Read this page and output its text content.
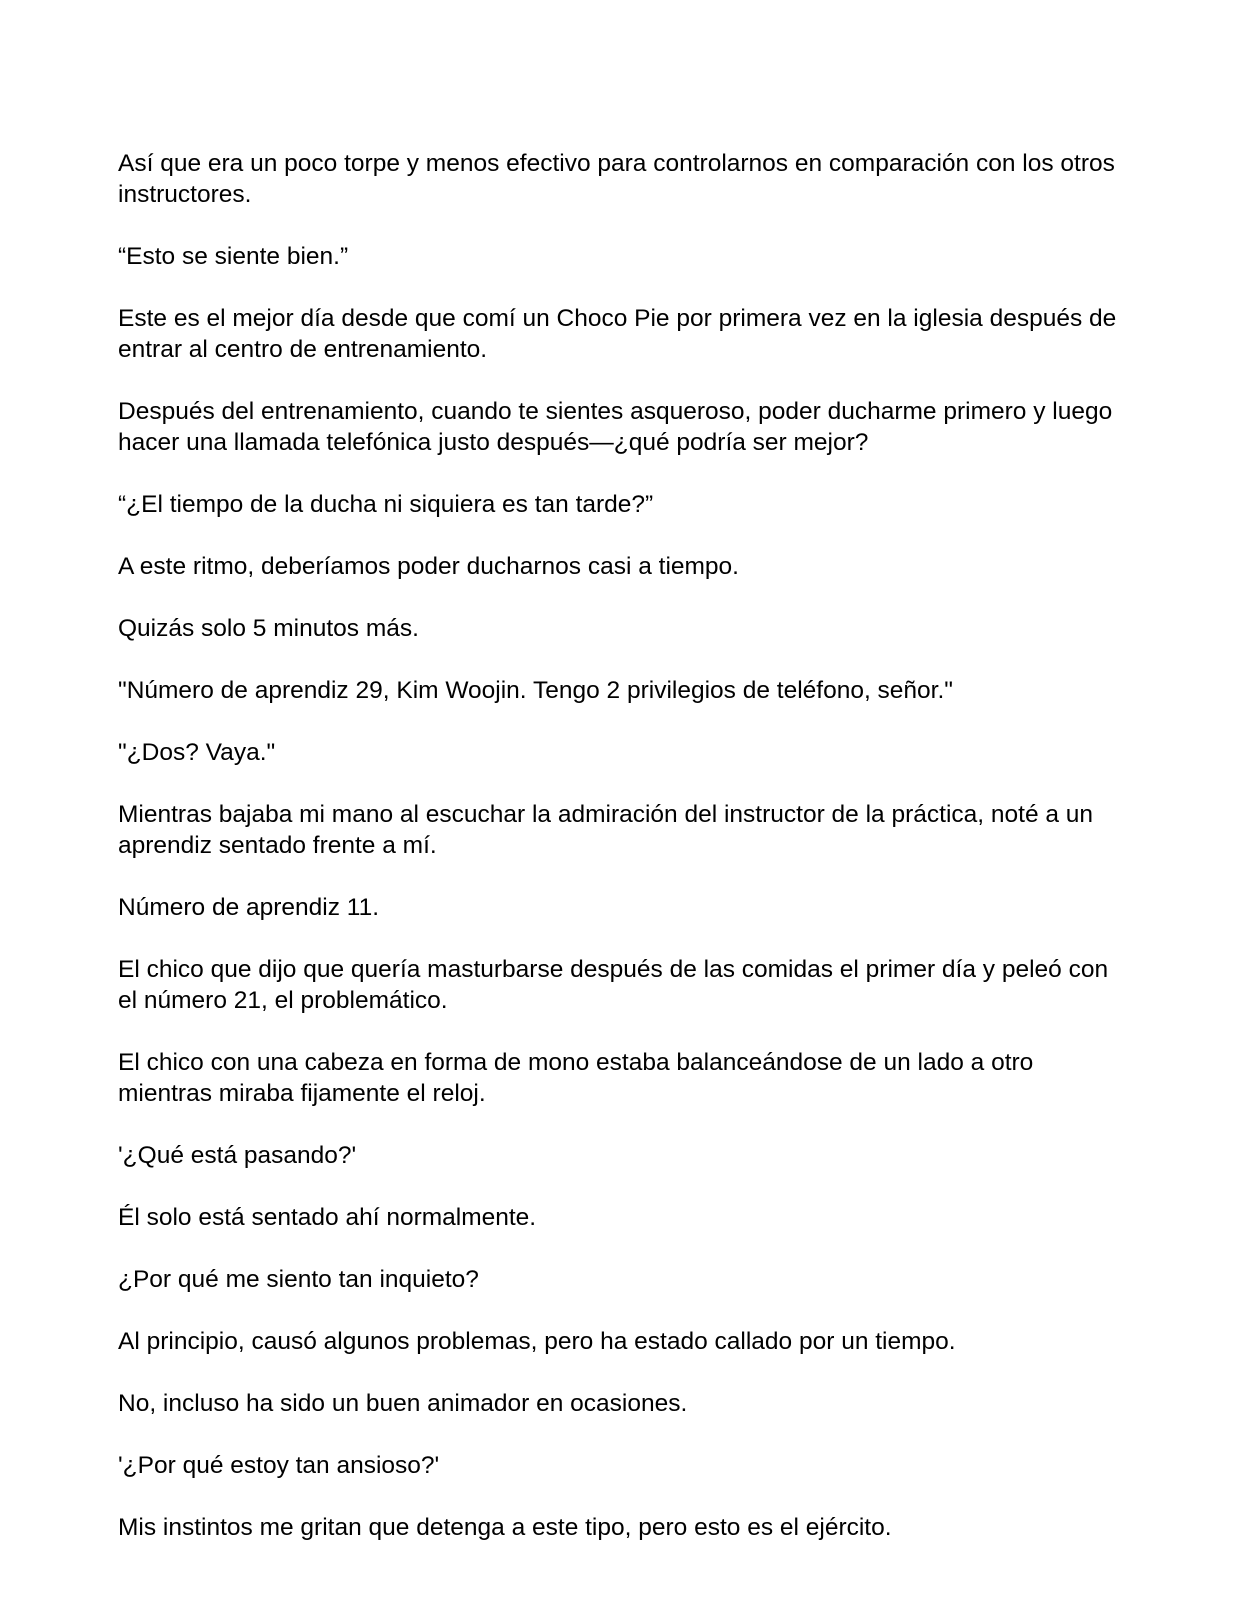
Así que era un poco torpe y menos efectivo para controlarnos en comparación con los otros instructores.

“Esto se siente bien.”

Este es el mejor día desde que comí un Choco Pie por primera vez en la iglesia después de entrar al centro de entrenamiento.

Después del entrenamiento, cuando te sientes asqueroso, poder ducharme primero y luego hacer una llamada telefónica justo después—¿qué podría ser mejor?

“¿El tiempo de la ducha ni siquiera es tan tarde?”

A este ritmo, deberíamos poder ducharnos casi a tiempo.

Quizás solo 5 minutos más.

"Número de aprendiz 29, Kim Woojin. Tengo 2 privilegios de teléfono, señor."

"¿Dos? Vaya."

Mientras bajaba mi mano al escuchar la admiración del instructor de la práctica, noté a un aprendiz sentado frente a mí.

Número de aprendiz 11.

El chico que dijo que quería masturbarse después de las comidas el primer día y peleó con el número 21, el problemático.

El chico con una cabeza en forma de mono estaba balanceándose de un lado a otro mientras miraba fijamente el reloj.

'¿Qué está pasando?'

Él solo está sentado ahí normalmente.

¿Por qué me siento tan inquieto?

Al principio, causó algunos problemas, pero ha estado callado por un tiempo.

No, incluso ha sido un buen animador en ocasiones.

'¿Por qué estoy tan ansioso?'

Mis instintos me gritan que detenga a este tipo, pero esto es el ejército.
